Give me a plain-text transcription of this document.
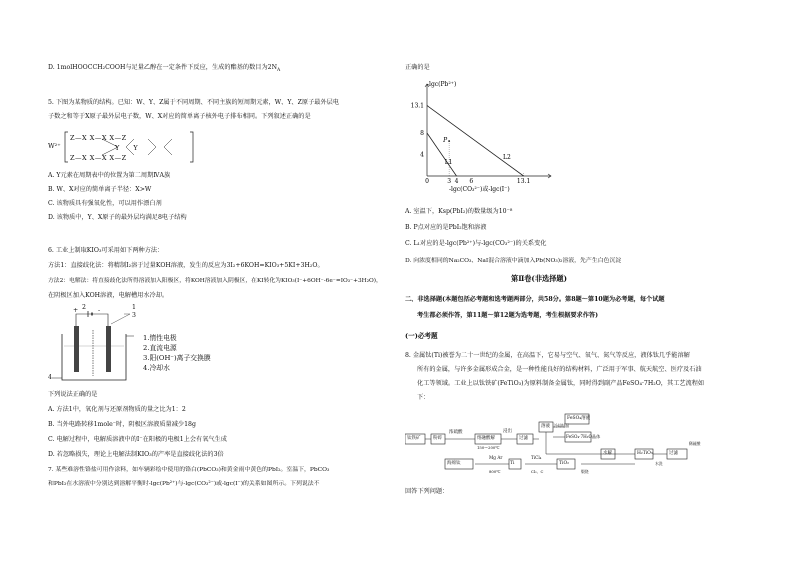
D. 1molHOOCCH₂COOH与足量乙醇在一定条件下反应，生成的酯基的数目为$2N_A$
5. 下图为某物质的结构。已知：W、Y、Z属于不同周期、不同主族的短周期元素，W、Y、Z原子最外层电
子数之和等于X原子最外层电子数，W、X对应的简单离子核外电子排布相同。下列叙述正确的是
W²⁺
Z—X X—X X—Z
Y Y
Z—X X—X X—Z
A. Y元素在周期表中的位置为第二周期ⅣA族
B. W、X对应的简单离子半径：X>W
C. 该物质具有强氧化性，可以用作漂白剂
D. 该物质中，Y、X原子的最外层均满足8电子结构
6. 工业上制取KIO₃可采用如下两种方法：
方法1：直接歧化法：将精制I₂溶于过量KOH溶液，发生的反应为3I₂+6KOH=KIO₃+5KI+3H₂O。
方法2：电解法：将直接歧化法所得溶液加入阳极区，将KOH溶液加入阴极区，在KI转化为KIO₃(I⁻+6OH⁻-6e⁻=IO₃⁻+3H₂O)，
在阴极区加入KOH溶液，电解槽用水冷却。
2
+	-	1
3
4
1.惰性电极
2.直流电源
3.阳(OH⁻)离子交换膜
4.冷却水
下列说法正确的是
A. 方法1中，氧化剂与还原剂物质的量之比为1：2
B. 当外电路转移1mole⁻时，阴极区溶液质量减少18g
C. 电解过程中，电解质溶液中的I⁻在阳极的电极1上会有氧气生成
D. 若忽略损失，理论上电解法制KIO₃的产率是直接歧化法的3倍
7. 某些难溶性铬盐可用作涂料，如车辆彩绘中使用的铬白(PbCO₃)和黄金雨中黄色的PbI₂。室温下，PbCO₃
和PbI₂在水溶液中分别达到溶解平衡时-lgc(Pb²⁺)与-lgc(CO₃²⁻)或-lgc(I⁻)的关系如图所示。下列说法不
正确的是
13.1
8
4
0	3 4 6	13.1
L1
L2
P
-lgc(Pb²⁺)
-lgc(CO₃²⁻)或-lgc(I⁻)
A. 室温下，Ksp(PbI₂)的数量级为10⁻⁸
B. P点对应的是PbI₂饱和溶液
C. L₁对应的是-lgc(Pb²⁺)与-lgc(CO₃²⁻)的关系变化
D. 向浓度相同的Na₂CO₃、NaI混合溶液中滴加入Pb(NO₃)₂溶液，先产生白色沉淀
第Ⅱ卷(非选择题)
二、非选择题(本题包括必考题和选考题两部分，共58分。第8题～第10题为必考题，每个试题
考生都必须作答，第11题～第12题为选考题，考生根据要求作答)
(一)必考题
8. 金属钛(Ti)被誉为二十一世纪的金属，在高温下，它易与空气、氧气、氮气等反应，液体钛几乎能溶解
所有的金属，与许多金属形成合金，是一种性能良好的结构材料，广泛用于军事、航天航空、医疗及石油
化工等领域。工业上以钛铁矿(FeTiO₃)为原料制备金属钛，同时得到副产品FeSO₄·7H₂O，其工艺流程如
下：
钛铁矿	粉碎
浓硫酸
熔融酸解
浸出
过滤
溶液
FeSO₄溶液
FeSO₄·7H₂O晶体
冷却结晶
水解	H₂TiO₃	过滤
TiO₂
Ti
海绵钛
TiCl₄
Mg Ar
800℃
150～200℃
煅烧
Cl₂、C
水洗
稀硫酸
回答下列问题：
